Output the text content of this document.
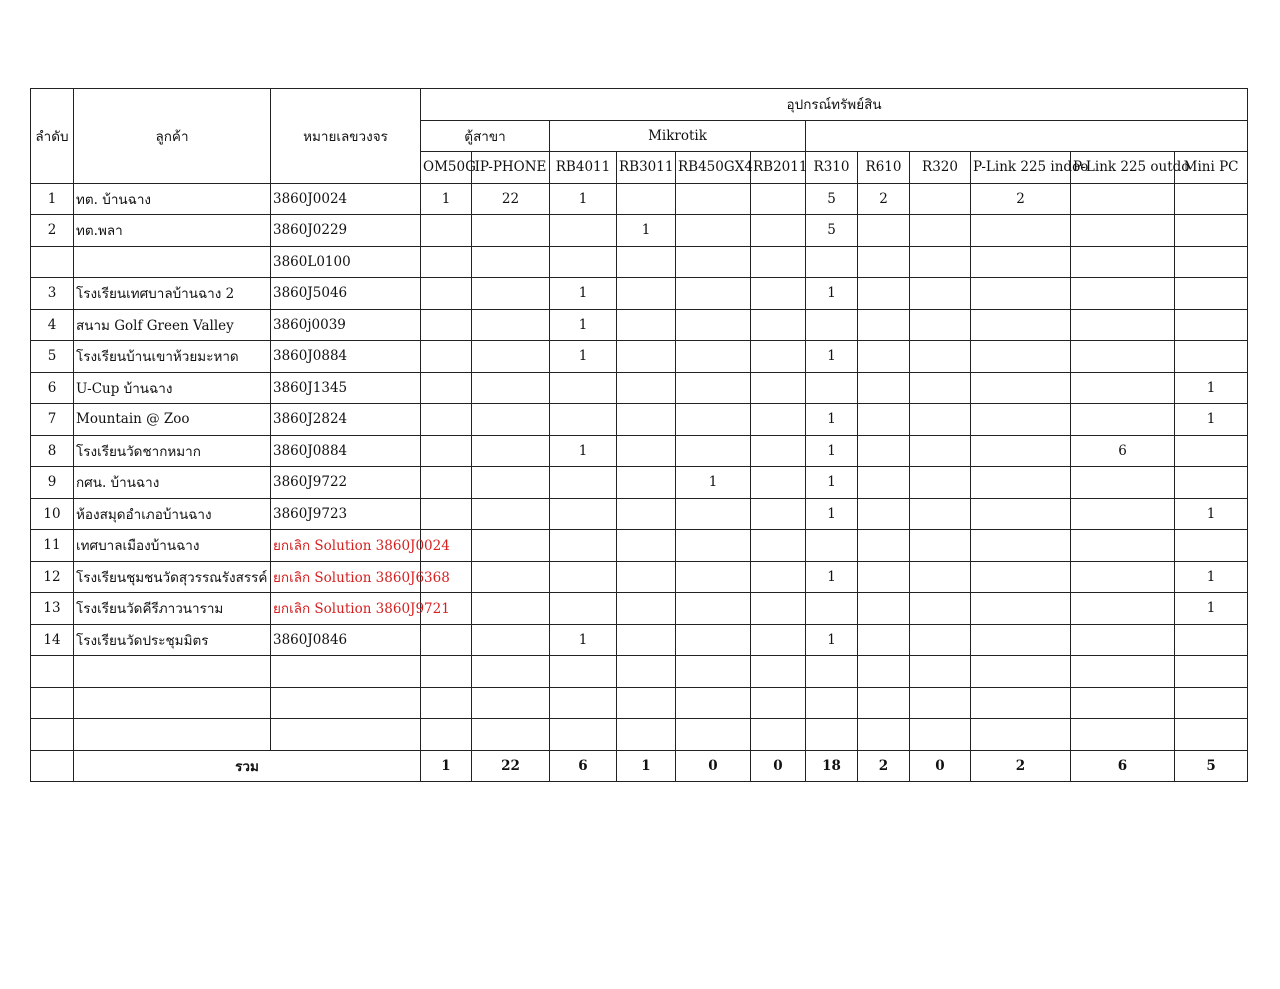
ลำดับ	ลูกค้า	หมายเลขวงจร	อุปกรณ์ทรัพย์สิน											
			ตู้สาขา		Mikrotik									
			OM50G	IP-PHONE	RB4011	RB3011	RB450GX4	RB2011	R310	R610	R320	P-Link 225 indoo	P-Link 225 outdo	Mini PC
1	ทต. บ้านฉาง	3860J0024	1	22	1				5	2		2		
2	ทต.พลา	3860J0229				1			5					
		3860L0100												
3	โรงเรียนเทศบาลบ้านฉาง 2	3860J5046			1				1					
4	สนาม Golf Green Valley	3860j0039			1									
5	โรงเรียนบ้านเขาห้วยมะหาด	3860J0884			1				1					
6	U-Cup บ้านฉาง	3860J1345												1
7	Mountain @ Zoo	3860J2824							1					1
8	โรงเรียนวัดชากหมาก	3860J0884			1				1				6	
9	กศน. บ้านฉาง	3860J9722					1		1					
10	ห้องสมุดอำเภอบ้านฉาง	3860J9723							1					1
11	เทศบาลเมืองบ้านฉาง	ยกเลิก Solution 3860J0024												
12	โรงเรียนชุมชนวัดสุวรรณรังสรรค์	ยกเลิก Solution 3860J6368							1					1
13	โรงเรียนวัดคีรีภาวนาราม	ยกเลิก Solution 3860J9721												1
14	โรงเรียนวัดประชุมมิตร	3860J0846			1				1					

	รวม		1	22	6	1	0	0	18	2	0	2	6	5
